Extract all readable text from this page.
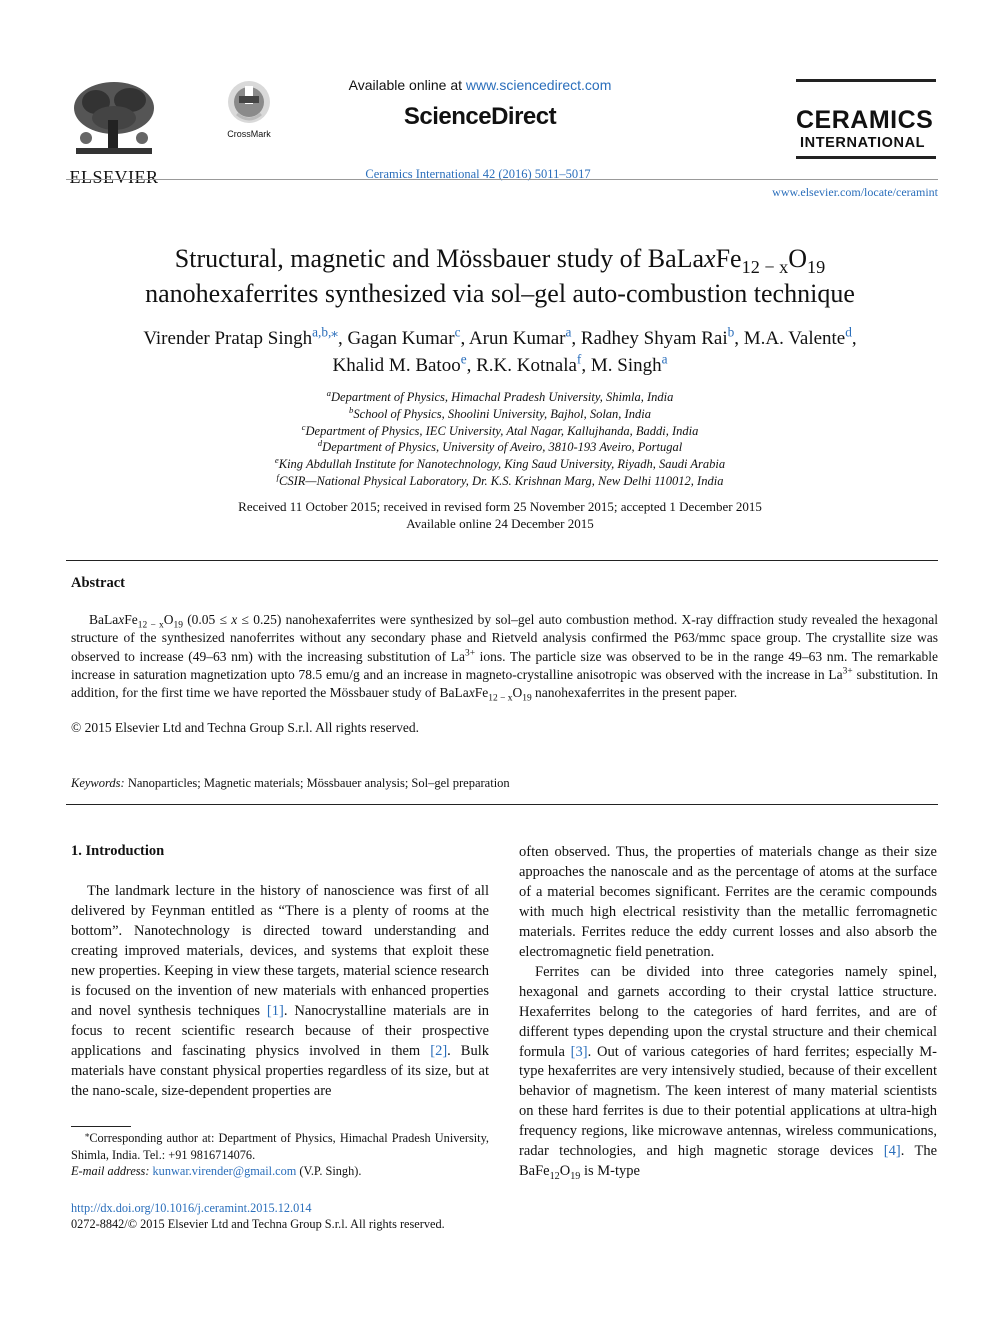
ELSEVIER
CrossMark
Available online at www.sciencedirect.com
ScienceDirect
Ceramics International 42 (2016) 5011–5017
CERAMICS
INTERNATIONAL
www.elsevier.com/locate/ceramint
Structural, magnetic and Mössbauer study of $BaLaxFe_{12 - x}O_{19}$
nanohexaferrites synthesized via sol–gel auto-combustion technique
Virender Pratap Singh$^{a,b,⁎}$, Gagan Kumar$^c$, Arun Kumar$^a$, Radhey Shyam Rai$^b$, M.A. Valente$^d$,
Khalid M. Batoo$^e$, R.K. Kotnala$^f$, M. Singh$^a$
$^a$Department of Physics, Himachal Pradesh University, Shimla, India
$^b$School of Physics, Shoolini University, Bajhol, Solan, India
$^c$Department of Physics, IEC University, Atal Nagar, Kallujhanda, Baddi, India
$^d$Department of Physics, University of Aveiro, 3810-193 Aveiro, Portugal
$^e$King Abdullah Institute for Nanotechnology, King Saud University, Riyadh, Saudi Arabia
$^f$CSIR—National Physical Laboratory, Dr. K.S. Krishnan Marg, New Delhi 110012, India
Received 11 October 2015; received in revised form 25 November 2015; accepted 1 December 2015
Available online 24 December 2015
Abstract
$BaLaxFe_{12 - x}O_{19}$ (0.05 ≤ x ≤ 0.25) nanohexaferrites were synthesized by sol–gel auto combustion method. X-ray diffraction study revealed the hexagonal structure of the synthesized nanoferrites without any secondary phase and Rietveld analysis confirmed the P63/mmc space group. The crystallite size was observed to increase (49–63 nm) with the increasing substitution of $La^{3+}$ ions. The particle size was observed to be in the range 49–63 nm. The remarkable increase in saturation magnetization upto 78.5 emu/g and an increase in magneto-crystalline anisotropic was observed with the increase in $La^{3+}$ substitution. In addition, for the first time we have reported the Mössbauer study of $BaLaxFe_{12 - x}O_{19}$ nanohexaferrites in the present paper.
© 2015 Elsevier Ltd and Techna Group S.r.l. All rights reserved.
Keywords: Nanoparticles; Magnetic materials; Mössbauer analysis; Sol–gel preparation
1. Introduction

The landmark lecture in the history of nanoscience was first of all delivered by Feynman entitled as “There is a plenty of rooms at the bottom”. Nanotechnology is directed toward understanding and creating improved materials, devices, and systems that exploit these new properties. Keeping in view these targets, material science research is focused on the invention of new materials with enhanced properties and novel synthesis techniques [1]. Nanocrystalline materials are in focus to recent scientific research because of their prospective applications and fascinating physics involved in them [2]. Bulk materials have constant physical properties regardless of its size, but at the nano-scale, size-dependent properties are

⁎Corresponding author at: Department of Physics, Himachal Pradesh University, Shimla, India. Tel.: +91 9816714076.
E-mail address: kunwar.virender@gmail.com (V.P. Singh).
http://dx.doi.org/10.1016/j.ceramint.2015.12.014
0272-8842/© 2015 Elsevier Ltd and Techna Group S.r.l. All rights reserved.

often observed. Thus, the properties of materials change as their size approaches the nanoscale and as the percentage of atoms at the surface of a material becomes significant. Ferrites are the ceramic compounds with much high electrical resistivity than the metallic ferromagnetic materials. Ferrites reduce the eddy current losses and also absorb the electromagnetic field penetration.

Ferrites can be divided into three categories namely spinel, hexagonal and garnets according to their crystal lattice structure. Hexaferrites belong to the categories of hard ferrites, and are of different types depending upon the crystal structure and their chemical formula [3]. Out of various categories of hard ferrites; especially M-type hexaferrites are very intensively studied, because of their excellent behavior of magnetism. The keen interest of many material scientists on these hard ferrites is due to their potential applications at ultra-high frequency regions, like microwave antennas, wireless communications, radar technologies, and high magnetic storage devices [4]. The $BaFe_{12}O_{19}$ is M-type
